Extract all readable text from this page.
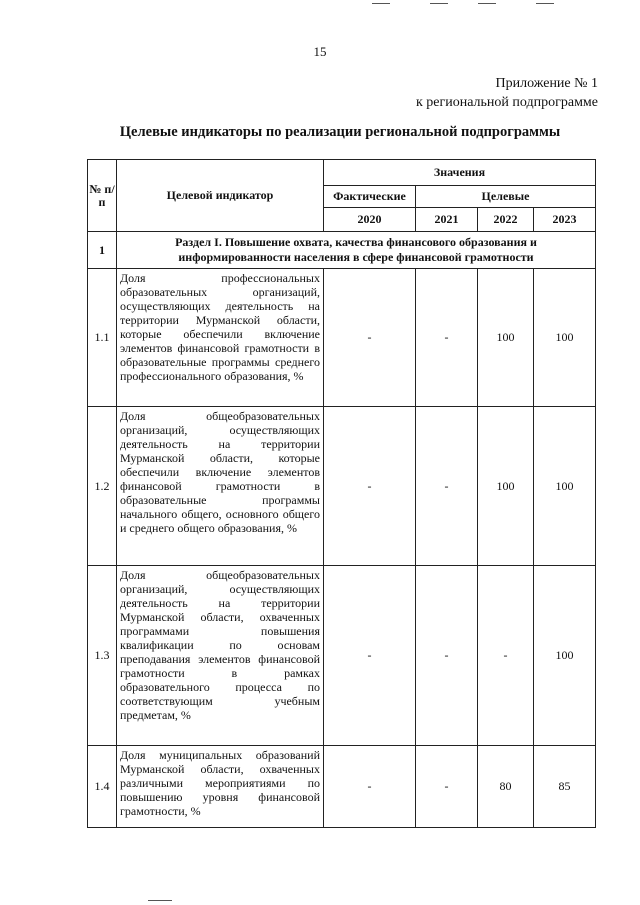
15
Приложение № 1
к региональной подпрограмме
Целевые индикаторы по реализации региональной подпрограммы
№ п/п	Целевой индикатор	Значения			
		Фактические	Целевые		
		2020	2021	2022	2023
1	Раздел I. Повышение охвата, качества финансового образования и информированности населения в сфере финансовой грамотности				
1.1	Доля профессиональных образовательных организаций, осуществляющих деятельность на территории Мурманской области, которые обеспечили включение элементов финансовой грамотности в образовательные программы среднего профессионального образования, %	-	-	100	100
1.2	Доля общеобразовательных организаций, осуществляющих деятельность на территории Мурманской области, которые обеспечили включение элементов финансовой грамотности в образовательные программы начального общего, основного общего и среднего общего образования, %	-	-	100	100
1.3	Доля общеобразовательных организаций, осуществляющих деятельность на территории Мурманской области, охваченных программами повышения квалификации по основам преподавания элементов финансовой грамотности в рамках образовательного процесса по соответствующим учебным предметам, %	-	-	-	100
1.4	Доля муниципальных образований Мурманской области, охваченных различными мероприятиями по повышению уровня финансовой грамотности, %	-	-	80	85
